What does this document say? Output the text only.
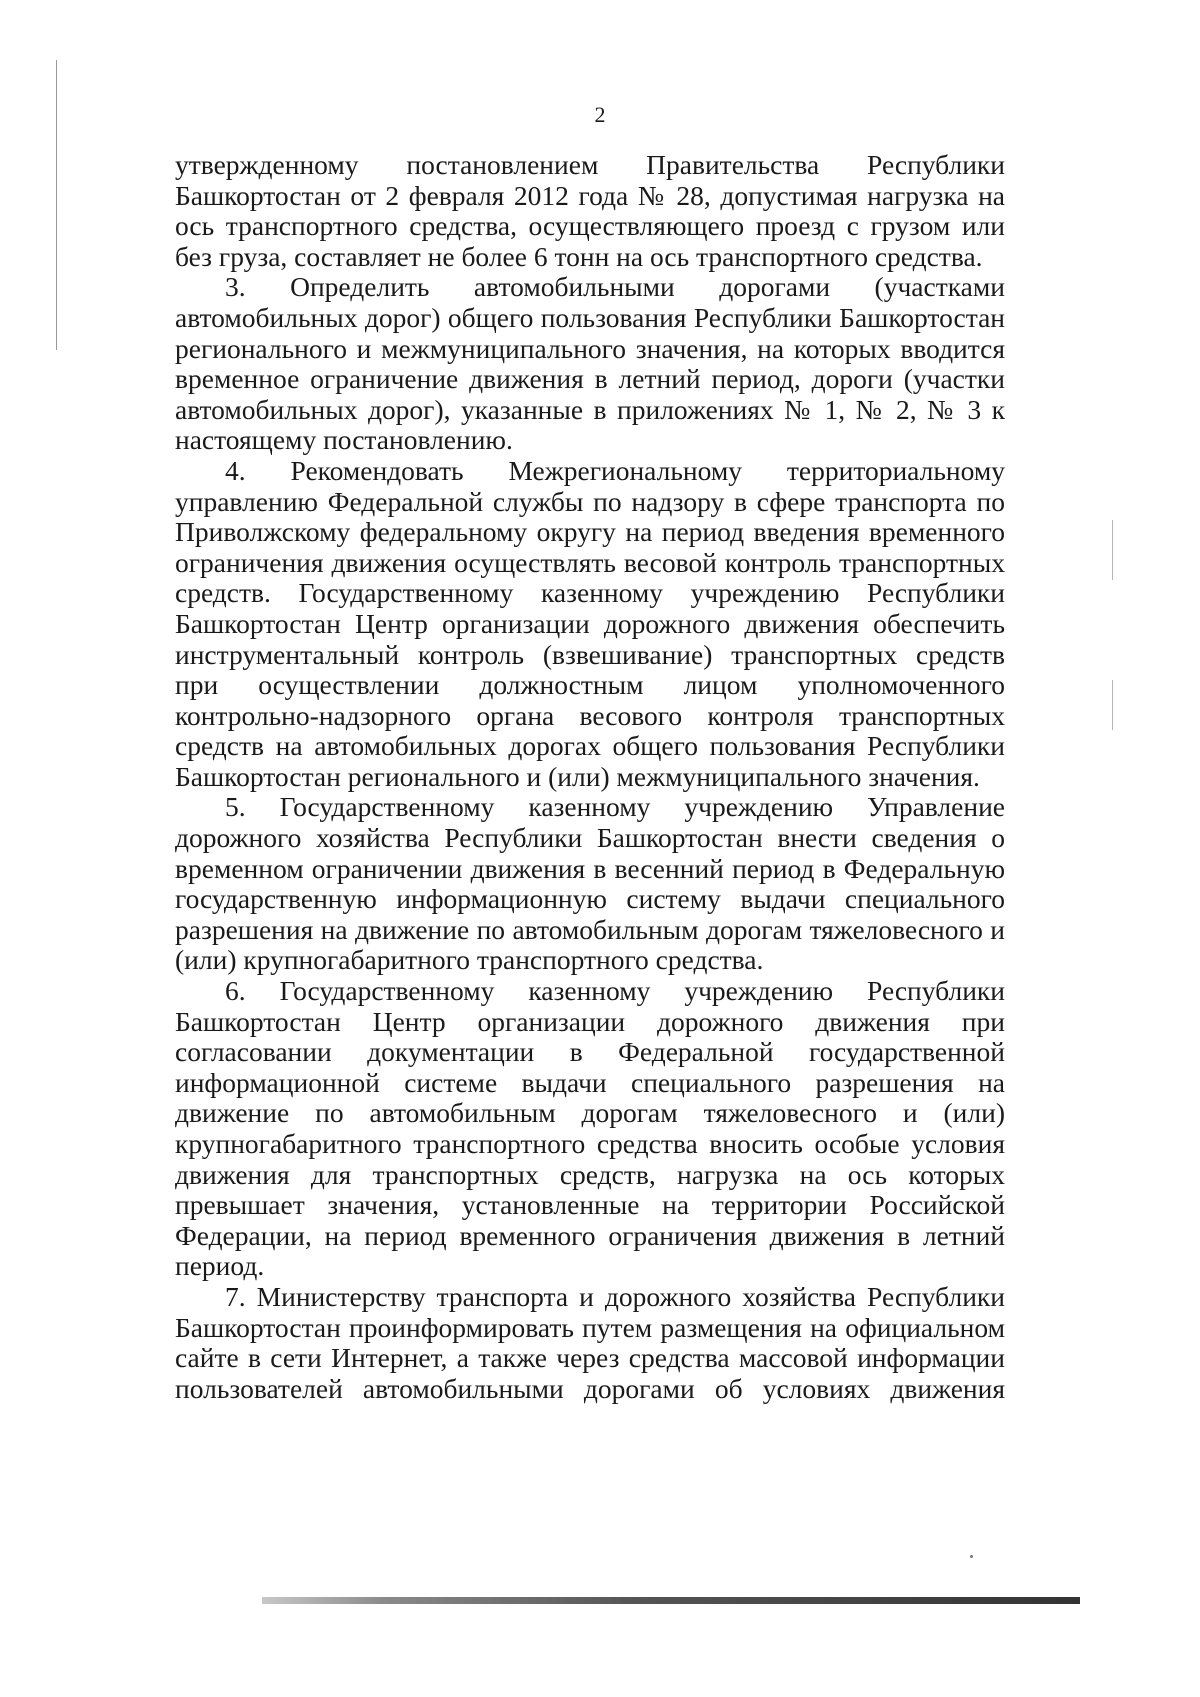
2

утвержденному постановлением Правительства Республики Башкортостан от 2 февраля 2012 года № 28, допустимая нагрузка на ось транспортного средства, осуществляющего проезд с грузом или без груза, составляет не более 6 тонн на ось транспортного средства.

3. Определить автомобильными дорогами (участками автомобильных дорог) общего пользования Республики Башкортостан регионального и межмуниципального значения, на которых вводится временное ограничение движения в летний период, дороги (участки автомобильных дорог), указанные в приложениях № 1, № 2, № 3 к настоящему постановлению.

4. Рекомендовать Межрегиональному территориальному управлению Федеральной службы по надзору в сфере транспорта по Приволжскому федеральному округу на период введения временного ограничения движения осуществлять весовой контроль транспортных средств. Государственному казенному учреждению Республики Башкортостан Центр организации дорожного движения обеспечить инструментальный контроль (взвешивание) транспортных средств при осуществлении должностным лицом уполномоченного контрольно-надзорного органа весового контроля транспортных средств на автомобильных дорогах общего пользования Республики Башкортостан регионального и (или) межмуниципального значения.

5. Государственному казенному учреждению Управление дорожного хозяйства Республики Башкортостан внести сведения о временном ограничении движения в весенний период в Федеральную государственную информационную систему выдачи специального разрешения на движение по автомобильным дорогам тяжеловесного и (или) крупногабаритного транспортного средства.

6. Государственному казенному учреждению Республики Башкортостан Центр организации дорожного движения при согласовании документации в Федеральной государственной информационной системе выдачи специального разрешения на движение по автомобильным дорогам тяжеловесного и (или) крупногабаритного транспортного средства вносить особые условия движения для транспортных средств, нагрузка на ось которых превышает значения, установленные на территории Российской Федерации, на период временного ограничения движения в летний период.

7. Министерству транспорта и дорожного хозяйства Республики Башкортостан проинформировать путем размещения на официальном сайте в сети Интернет, а также через средства массовой информации пользователей автомобильными дорогами об условиях движения
